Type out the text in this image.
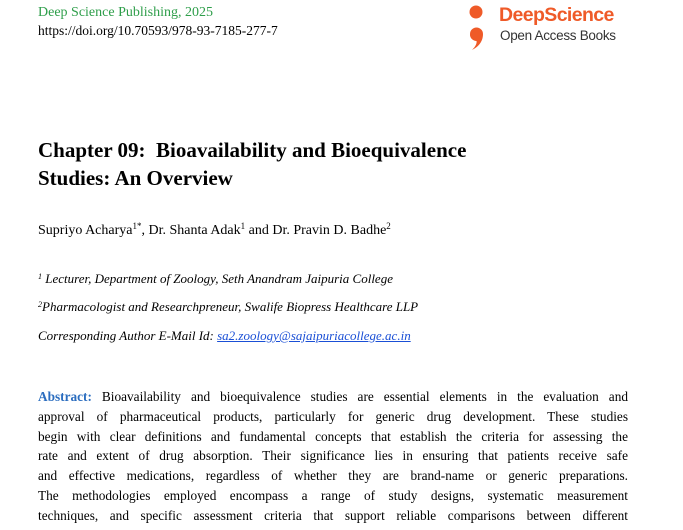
Deep Science Publishing, 2025
https://doi.org/10.70593/978-93-7185-277-7
DeepScience
Open Access Books
Chapter 09:  Bioavailability and Bioequivalence
Studies: An Overview
Supriyo Acharya$^{1*}$, Dr. Shanta Adak$^1$ and Dr. Pravin D. Badhe$^2$
$^1$ Lecturer, Department of Zoology, Seth Anandram Jaipuria College
$^2$Pharmacologist and Researchpreneur, Swalife Biopress Healthcare LLP
Corresponding Author E-Mail Id: sa2.zoology@sajaipuriacollege.ac.in
Abstract: Bioavailability and bioequivalence studies are essential elements in the evaluation and
approval of pharmaceutical products, particularly for generic drug development. These studies
begin with clear definitions and fundamental concepts that establish the criteria for assessing the
rate and extent of drug absorption. Their significance lies in ensuring that patients receive safe
and effective medications, regardless of whether they are brand-name or generic preparations.
The methodologies employed encompass a range of study designs, systematic measurement
techniques, and specific assessment criteria that support reliable comparisons between different
